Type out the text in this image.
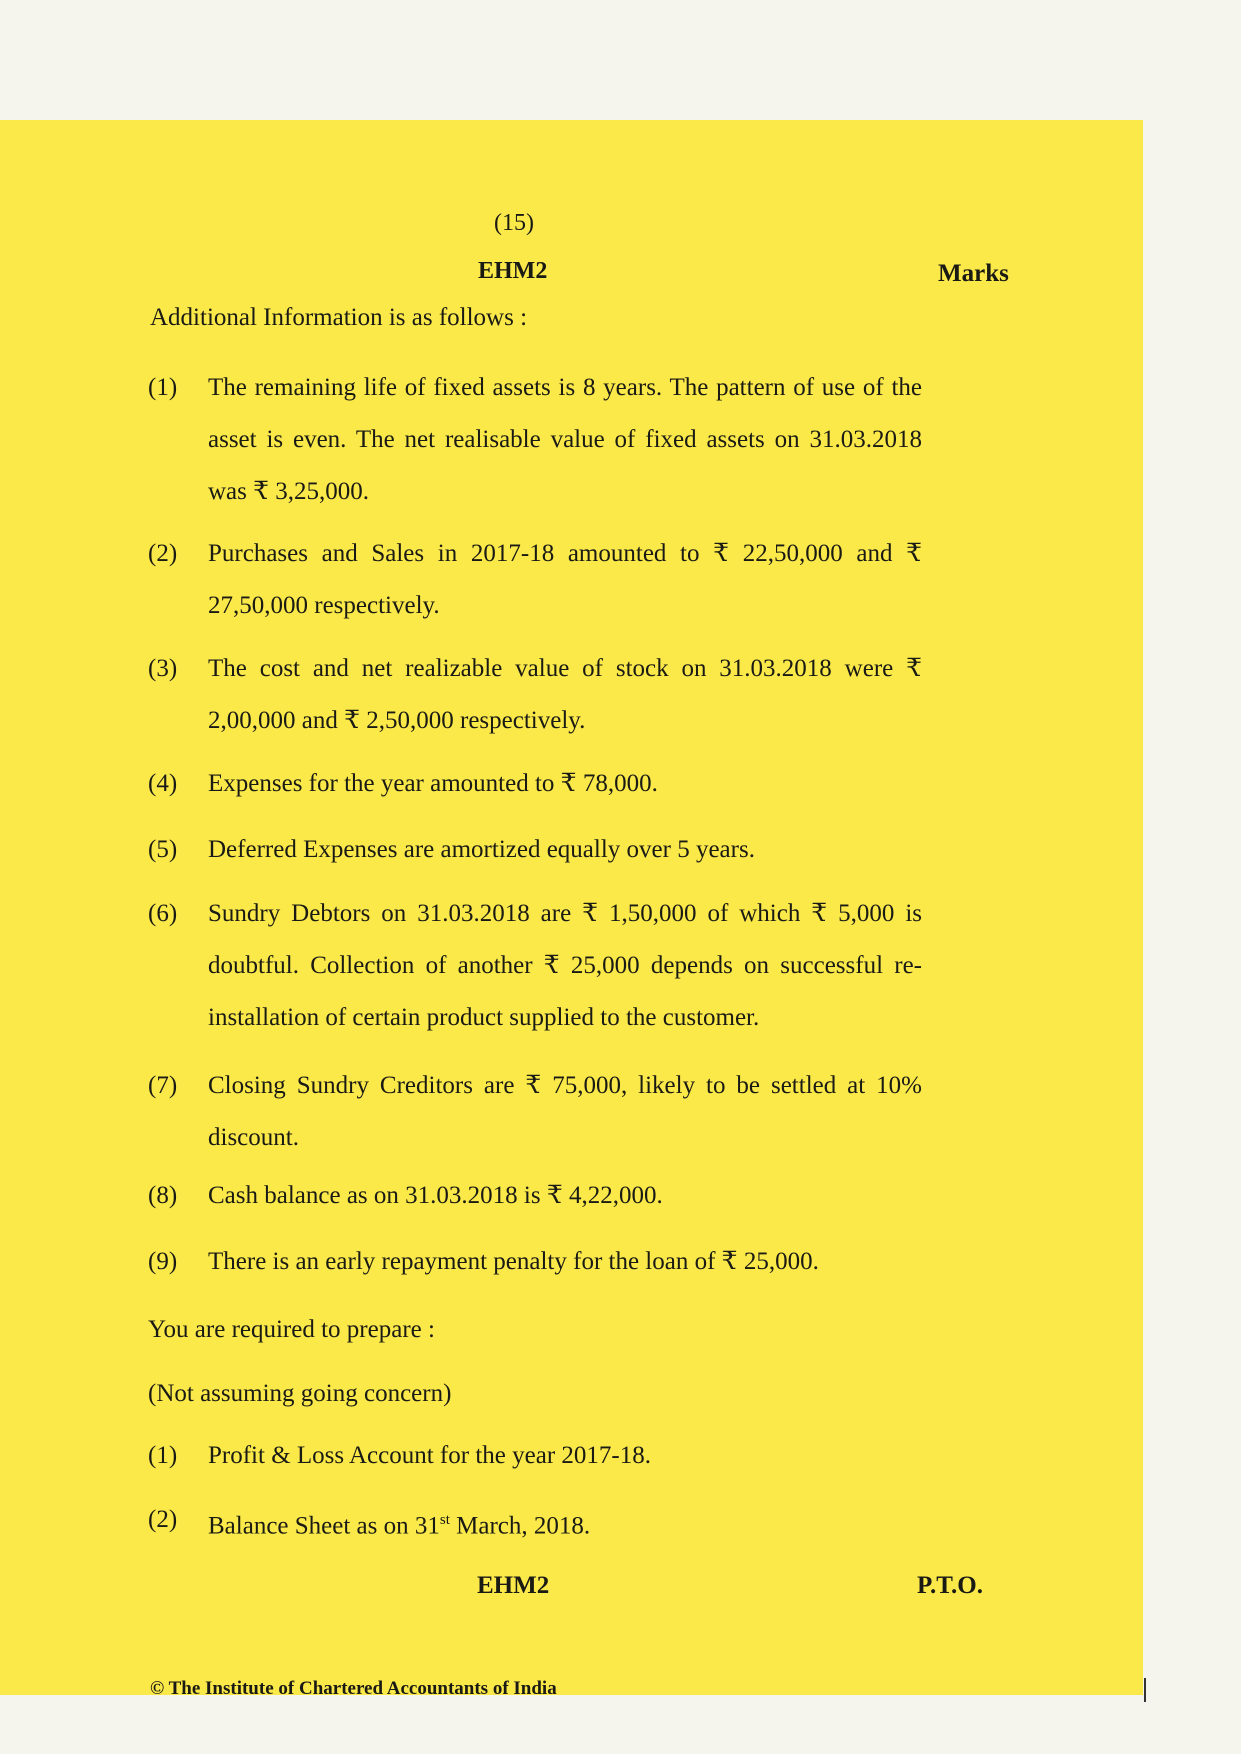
(15)
EHM2	Marks
Additional Information is as follows :
(1)	The remaining life of fixed assets is 8 years. The pattern of use of the asset is even. The net realisable value of fixed assets on 31.03.2018 was ₹ 3,25,000.
(2)	Purchases and Sales in 2017-18 amounted to ₹ 22,50,000 and ₹ 27,50,000 respectively.
(3)	The cost and net realizable value of stock on 31.03.2018 were ₹ 2,00,000 and ₹ 2,50,000 respectively.
(4)	Expenses for the year amounted to ₹ 78,000.
(5)	Deferred Expenses are amortized equally over 5 years.
(6)	Sundry Debtors on 31.03.2018 are ₹ 1,50,000 of which ₹ 5,000 is doubtful. Collection of another ₹ 25,000 depends on successful re-installation of certain product supplied to the customer.
(7)	Closing Sundry Creditors are ₹ 75,000, likely to be settled at 10% discount.
(8)	Cash balance as on 31.03.2018 is ₹ 4,22,000.
(9)	There is an early repayment penalty for the loan of ₹ 25,000.
You are required to prepare :
(Not assuming going concern)
(1)	Profit & Loss Account for the year 2017-18.
(2)	Balance Sheet as on 31st March, 2018.
EHM2	P.T.O.
© The Institute of Chartered Accountants of India
